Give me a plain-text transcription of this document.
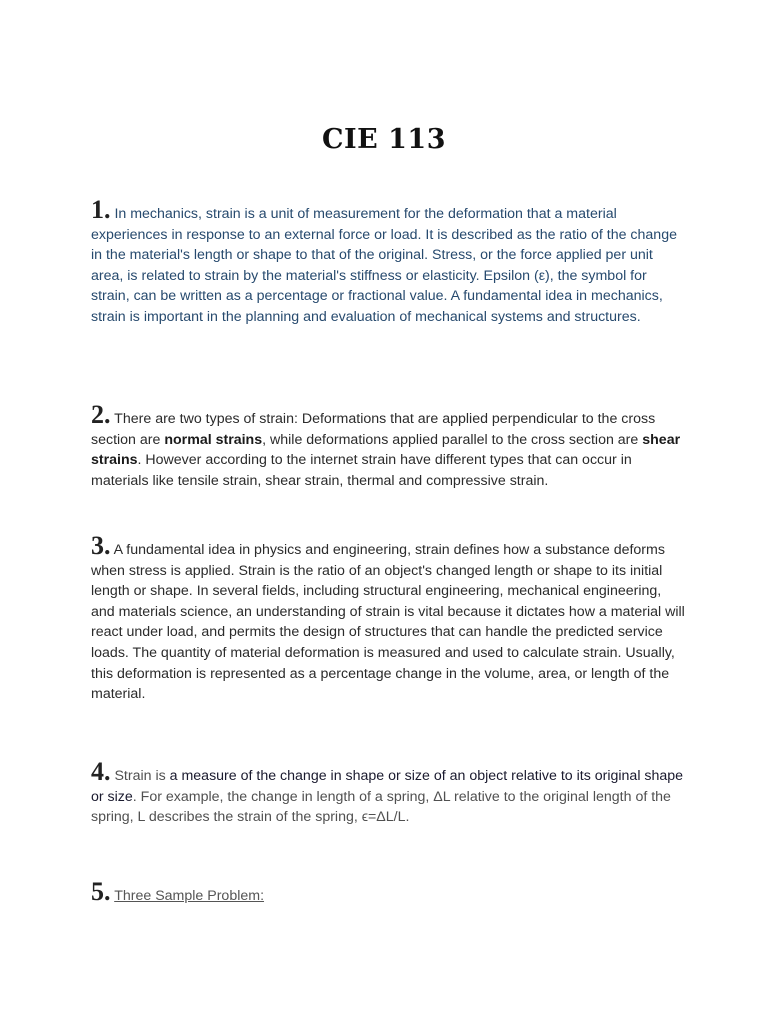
CIE 113
1. In mechanics, strain is a unit of measurement for the deformation that a material experiences in response to an external force or load. It is described as the ratio of the change in the material's length or shape to that of the original. Stress, or the force applied per unit area, is related to strain by the material's stiffness or elasticity. Epsilon (ε), the symbol for strain, can be written as a percentage or fractional value. A fundamental idea in mechanics, strain is important in the planning and evaluation of mechanical systems and structures.
2. There are two types of strain: Deformations that are applied perpendicular to the cross section are normal strains, while deformations applied parallel to the cross section are shear strains. However according to the internet strain have different types that can occur in materials like tensile strain, shear strain, thermal and compressive strain.
3. A fundamental idea in physics and engineering, strain defines how a substance deforms when stress is applied. Strain is the ratio of an object's changed length or shape to its initial length or shape. In several fields, including structural engineering, mechanical engineering, and materials science, an understanding of strain is vital because it dictates how a material will react under load, and permits the design of structures that can handle the predicted service loads. The quantity of material deformation is measured and used to calculate strain. Usually, this deformation is represented as a percentage change in the volume, area, or length of the material.
4. Strain is a measure of the change in shape or size of an object relative to its original shape or size. For example, the change in length of a spring, ΔL relative to the original length of the spring, L describes the strain of the spring, ϵ=ΔL/L.
5. Three Sample Problem:
